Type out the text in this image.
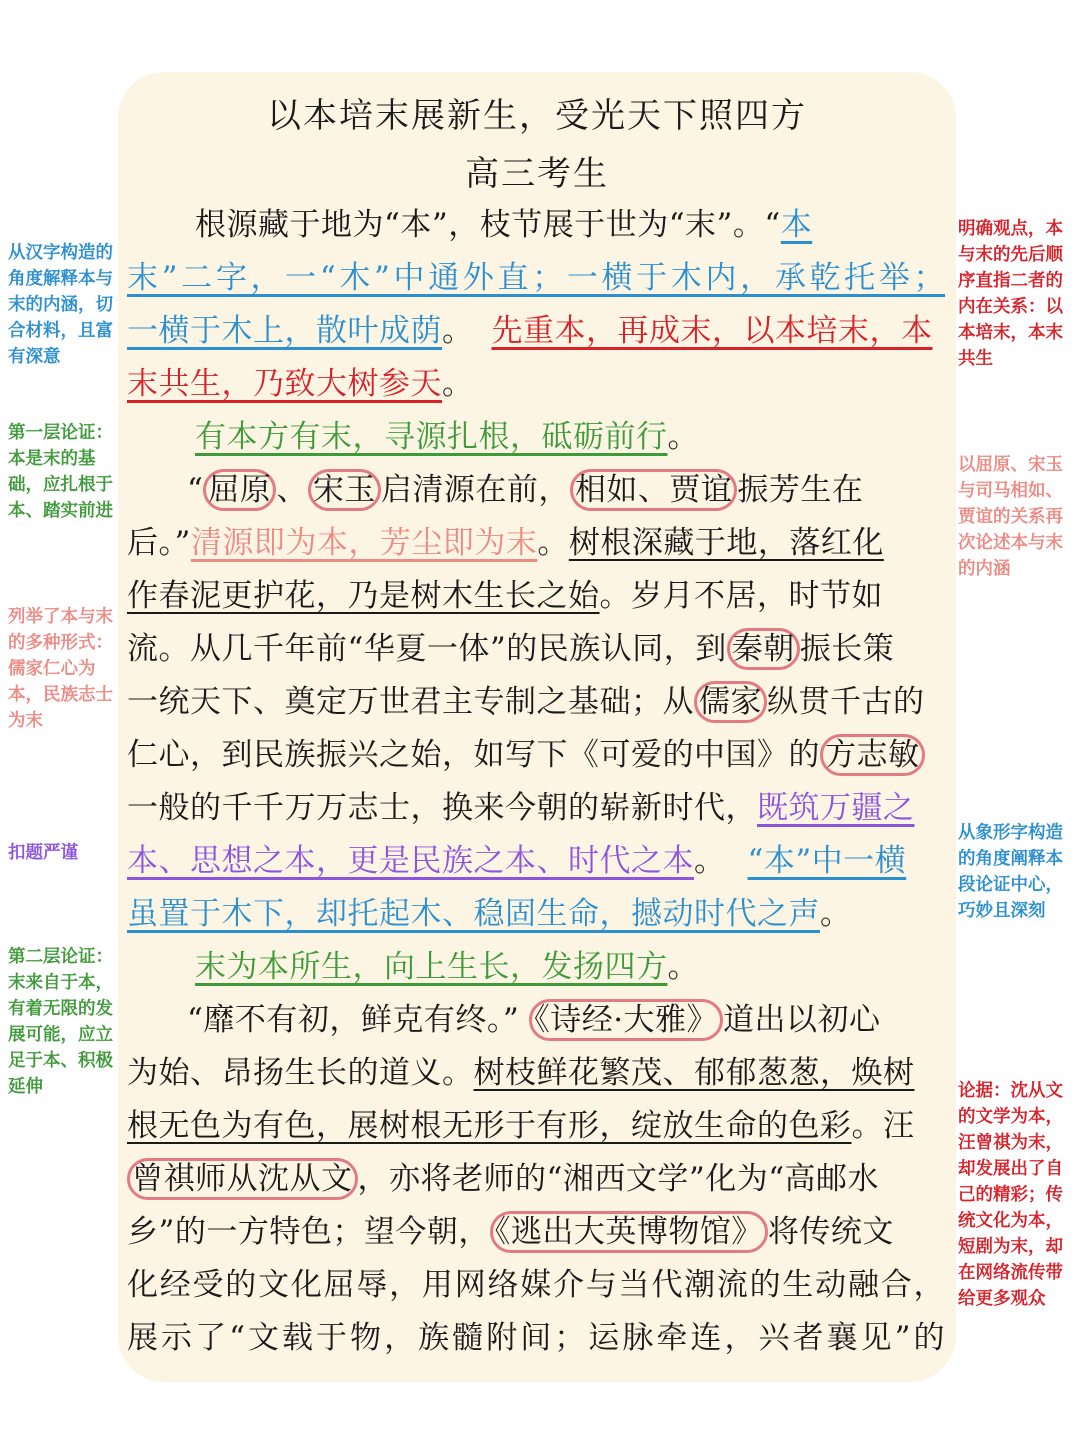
以本培末展新生，受光天下照四方
高三考生
根源藏于地为“本”，枝节展于世为“末”。“本
末”二字，一“木”中通外直；一横于木内，承乾托举；
一横于木上，散叶成荫。 先重本，再成末，以本培末，本
末共生，乃致大树参天。
有本方有末，寻源扎根，砥砺前行。
“ 屈原 、 宋玉 启清源在前， 相如、贾谊 振芳生在
后。”清源即为本，芳尘即为末。树根深藏于地，落红化
作春泥更护花，乃是树木生长之始。岁月不居，时节如
流。从几千年前“华夏一体”的民族认同，到 秦朝 振长策
一统天下、奠定万世君主专制之基础；从 儒家 纵贯千古的
仁心，到民族振兴之始，如写下《可爱的中国》的 方志敏
一般的千千万万志士，换来今朝的崭新时代，既筑万疆之
本、思想之本，更是民族之本、时代之本。 “本”中一横
虽置于木下，却托起木、稳固生命，撼动时代之声。
末为本所生，向上生长，发扬四方。
“靡不有初，鲜克有终。” 《诗经·大雅》 道出以初心
为始、昂扬生长的道义。树枝鲜花繁茂、郁郁葱葱，焕树
根无色为有色，展树根无形于有形，绽放生命的色彩。汪
曾祺师从沈从文 ，亦将老师的“湘西文学”化为“高邮水
乡”的一方特色；望今朝， 《逃出大英博物馆》 将传统文
化经受的文化屈辱，用网络媒介与当代潮流的生动融合，
展示了“文载于物，族髓附间；运脉牵连，兴者襄见”的
从汉字构造的角度解释本与末的内涵，切合材料，且富有深意
第一层论证：本是末的基础，应扎根于本、踏实前进
列举了本与末的多种形式：儒家仁心为本，民族志士为末
扣题严谨
第二层论证：末来自于本，有着无限的发展可能，应立足于本、积极延伸
明确观点，本与末的先后顺序直指二者的内在关系：以本培末，本末共生
以屈原、宋玉与司马相如、贾谊的关系再次论述本与末的内涵
从象形字构造的角度阐释本段论证中心，巧妙且深刻
论据：沈从文的文学为本，汪曾祺为末，却发展出了自己的精彩；传统文化为本，短剧为末，却在网络流传带给更多观众
